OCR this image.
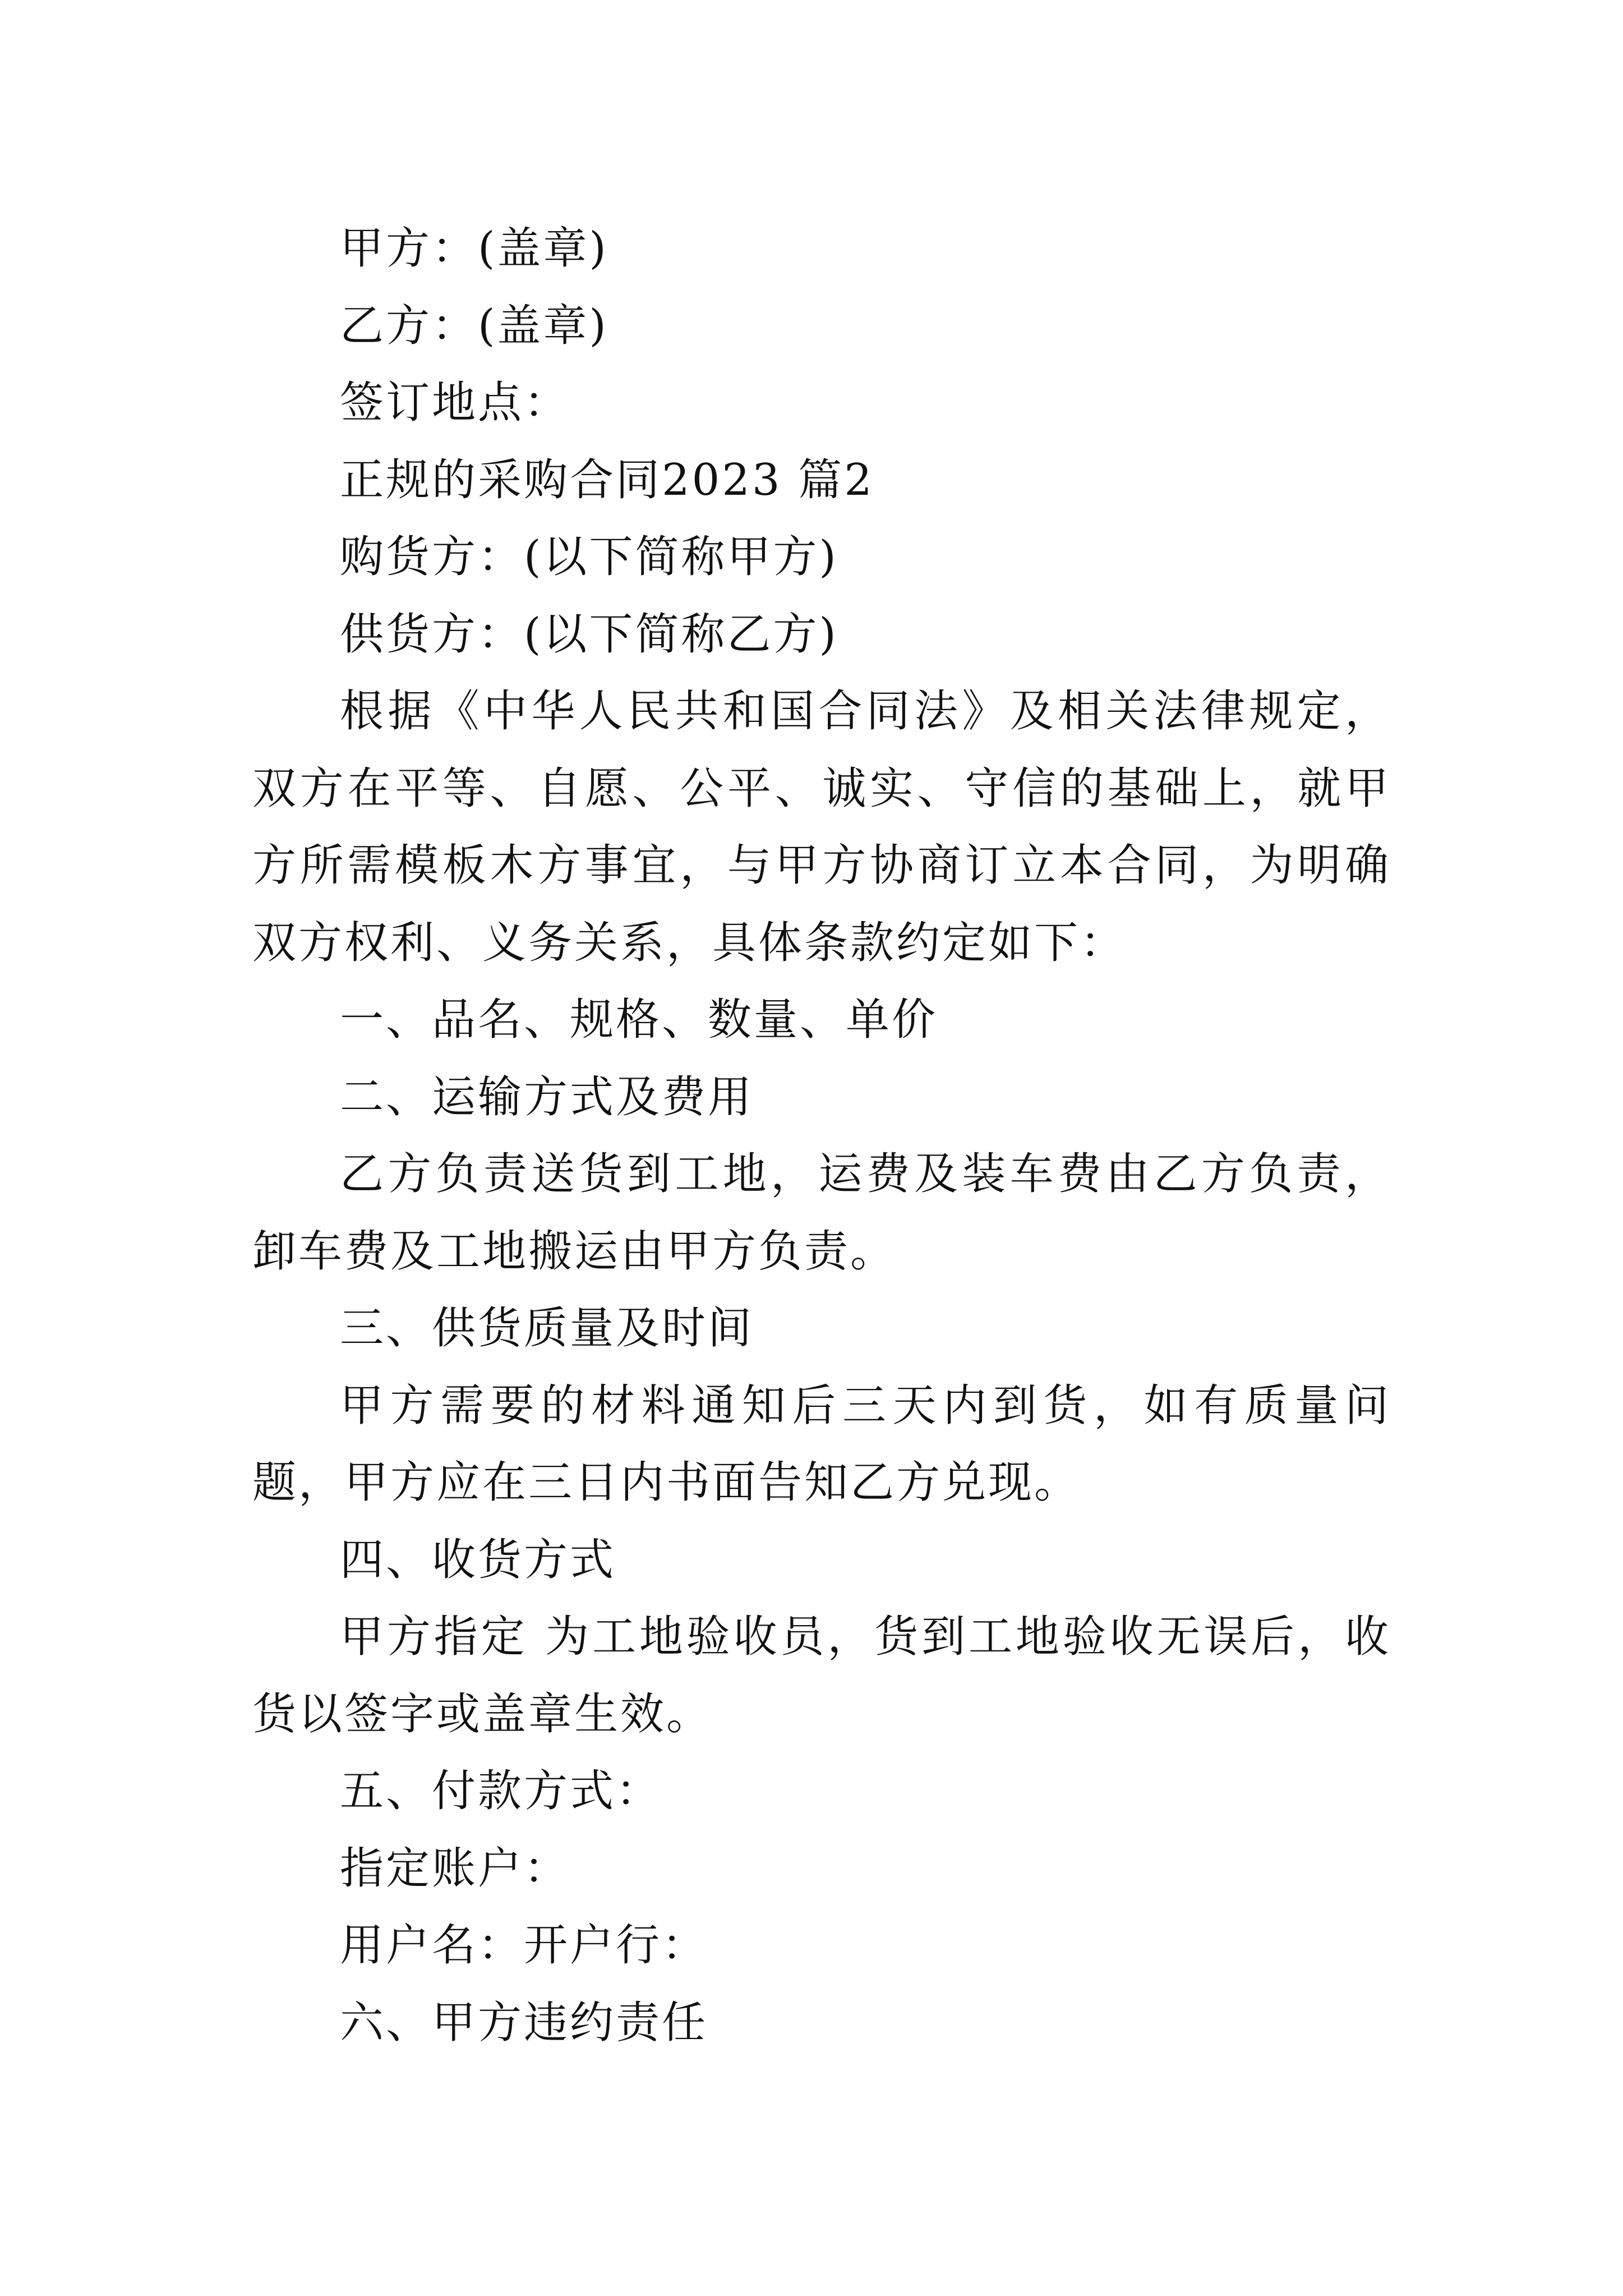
甲方：(盖章)
乙方：(盖章)
签订地点：
正规的采购合同2023 篇2
购货方：(以下简称甲方)
供货方：(以下简称乙方)

根据《中华人民共和国合同法》及相关法律规定，双方在平等、自愿、公平、诚实、守信的基础上，就甲方所需模板木方事宜，与甲方协商订立本合同，为明确双方权利、义务关系，具体条款约定如下：

一、品名、规格、数量、单价
二、运输方式及费用

乙方负责送货到工地，运费及装车费由乙方负责，卸车费及工地搬运由甲方负责。

三、供货质量及时间

甲方需要的材料通知后三天内到货，如有质量问题，甲方应在三日内书面告知乙方兑现。

四、收货方式

甲方指定 为工地验收员，货到工地验收无误后，收货以签字或盖章生效。

五、付款方式：
指定账户：
用户名：开户行：
六、甲方违约责任
